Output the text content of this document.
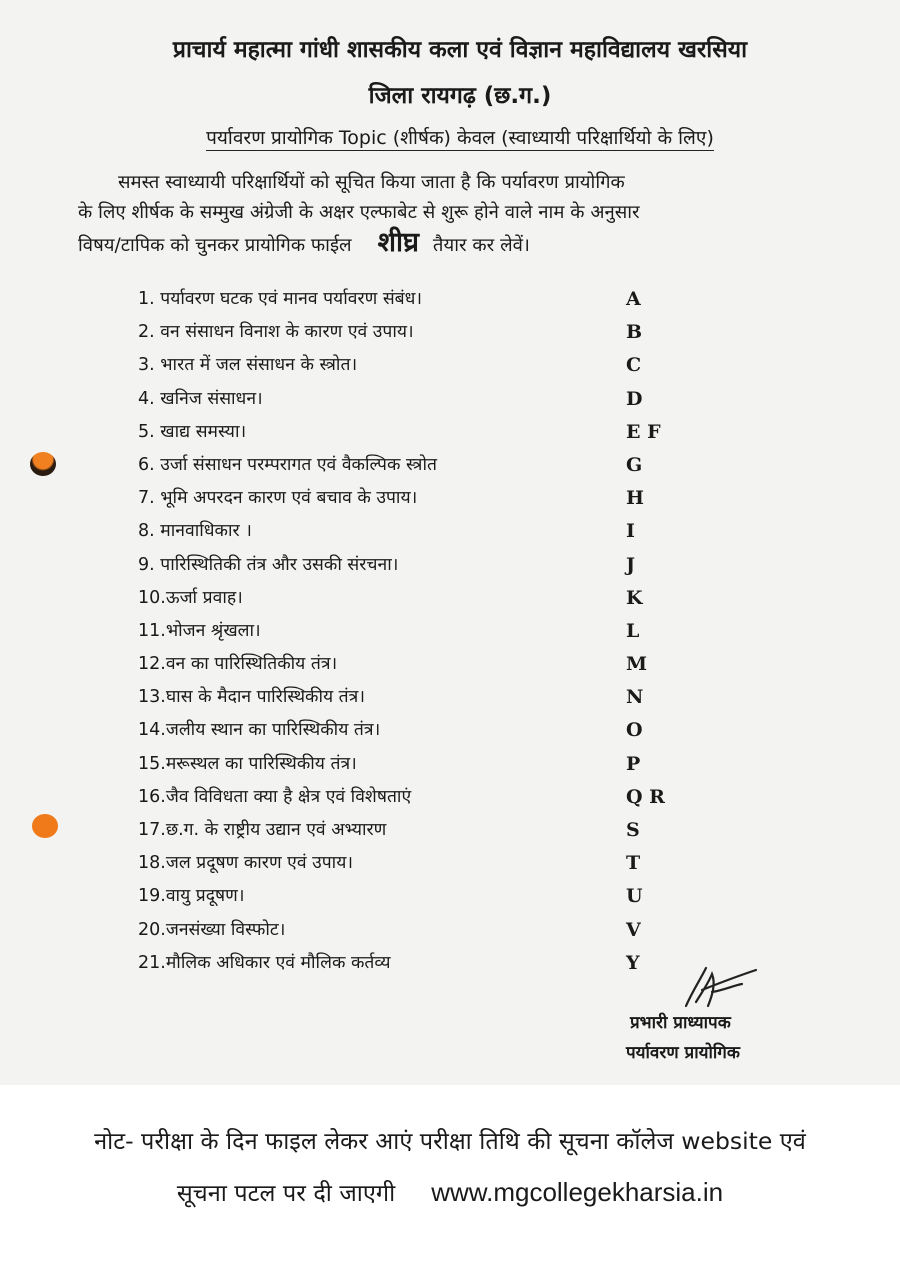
प्राचार्य महात्मा गांधी शासकीय कला एवं विज्ञान महाविद्यालय खरसिया
जिला रायगढ़ (छ.ग.)
पर्यावरण प्रायोगिक Topic (शीर्षक) केवल (स्वाध्यायी परिक्षार्थियो के लिए)
समस्त स्वाध्यायी परिक्षार्थियों को सूचित किया जाता है कि पर्यावरण प्रायोगिक
के लिए शीर्षक के सम्मुख अंग्रेजी के अक्षर एल्फाबेट से शुरू होने वाले नाम के अनुसार
विषय/टापिक को चुनकर प्रायोगिक फाईल शीघ्र तैयार कर लेवें।
1. पर्यावरण घटक एवं मानव पर्यावरण संबंध।	A
2. वन संसाधन विनाश के कारण एवं उपाय।	B
3. भारत में जल संसाधन के स्त्रोत।	C
4. खनिज संसाधन।	D
5. खाद्य समस्या।	E F
6. उर्जा संसाधन परम्परागत एवं वैकल्पिक स्त्रोत	G
7. भूमि अपरदन कारण एवं बचाव के उपाय।	H
8. मानवाधिकार ।	I
9. पारिस्थितिकी तंत्र और उसकी संरचना।	J
10.ऊर्जा प्रवाह।	K
11.भोजन श्रृंखला।	L
12.वन का पारिस्थितिकीय तंत्र।	M
13.घास के मैदान पारिस्थिकीय तंत्र।	N
14.जलीय स्थान का पारिस्थिकीय तंत्र।	O
15.मरूस्थल का पारिस्थिकीय तंत्र।	P
16.जैव विविधता क्या है क्षेत्र एवं विशेषताएं	Q R
17.छ.ग. के राष्ट्रीय उद्यान एवं अभ्यारण	S
18.जल प्रदूषण कारण एवं उपाय।	T
19.वायु प्रदूषण।	U
20.जनसंख्या विस्फोट।	V
21.मौलिक अधिकार एवं मौलिक कर्तव्य	Y
प्रभारी प्राध्यापक
पर्यावरण प्रायोगिक
नोट- परीक्षा के दिन फाइल लेकर आएं परीक्षा तिथि की सूचना कॉलेज website एवं
सूचना पटल पर दी जाएगी www.mgcollegekharsia.in
